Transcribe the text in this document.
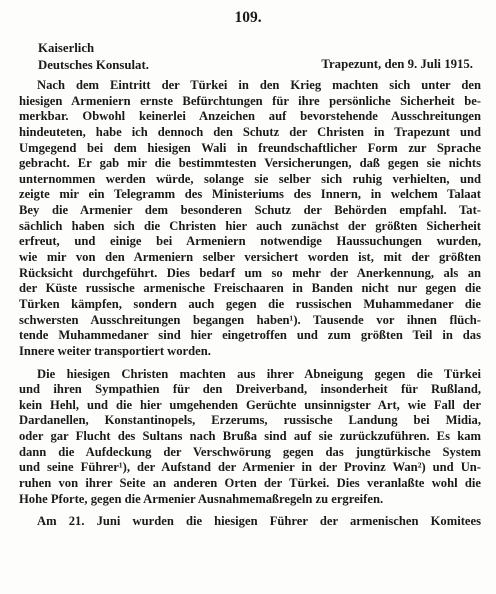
109.
Kaiserlich
Deutsches Konsulat.	Trapezunt, den 9. Juli 1915.
Nach dem Eintritt der Türkei in den Krieg machten sich unter den
hiesigen Armeniern ernste Befürchtungen für ihre persönliche Sicherheit be-
merkbar. Obwohl keinerlei Anzeichen auf bevorstehende Ausschreitungen
hindeuteten, habe ich dennoch den Schutz der Christen in Trapezunt und
Umgegend bei dem hiesigen Wali in freundschaftlicher Form zur Sprache
gebracht. Er gab mir die bestimmtesten Versicherungen, daß gegen sie nichts
unternommen werden würde, solange sie selber sich ruhig verhielten, und
zeigte mir ein Telegramm des Ministeriums des Innern, in welchem Talaat
Bey die Armenier dem besonderen Schutz der Behörden empfahl. Tat-
sächlich haben sich die Christen hier auch zunächst der größten Sicherheit
erfreut, und einige bei Armeniern notwendige Haussuchungen wurden,
wie mir von den Armeniern selber versichert worden ist, mit der größten
Rücksicht durchgeführt. Dies bedarf um so mehr der Anerkennung, als an
der Küste russische armenische Freischaaren in Banden nicht nur gegen die
Türken kämpfen, sondern auch gegen die russischen Muhammedaner die
schwersten Ausschreitungen begangen haben¹). Tausende vor ihnen flüch-
tende Muhammedaner sind hier eingetroffen und zum größten Teil in das
Innere weiter transportiert worden.
Die hiesigen Christen machten aus ihrer Abneigung gegen die Türkei
und ihren Sympathien für den Dreiverband, insonderheit für Rußland,
kein Hehl, und die hier umgehenden Gerüchte unsinnigster Art, wie Fall der
Dardanellen, Konstantinopels, Erzerums, russische Landung bei Midia,
oder gar Flucht des Sultans nach Brußa sind auf sie zurückzuführen. Es kam
dann die Aufdeckung der Verschwörung gegen das jungtürkische System
und seine Führer¹), der Aufstand der Armenier in der Provinz Wan²) und Un-
ruhen von ihrer Seite an anderen Orten der Türkei. Dies veranlaßte wohl die
Hohe Pforte, gegen die Armenier Ausnahmemaßregeln zu ergreifen.
Am 21. Juni wurden die hiesigen Führer der armenischen Komitees
